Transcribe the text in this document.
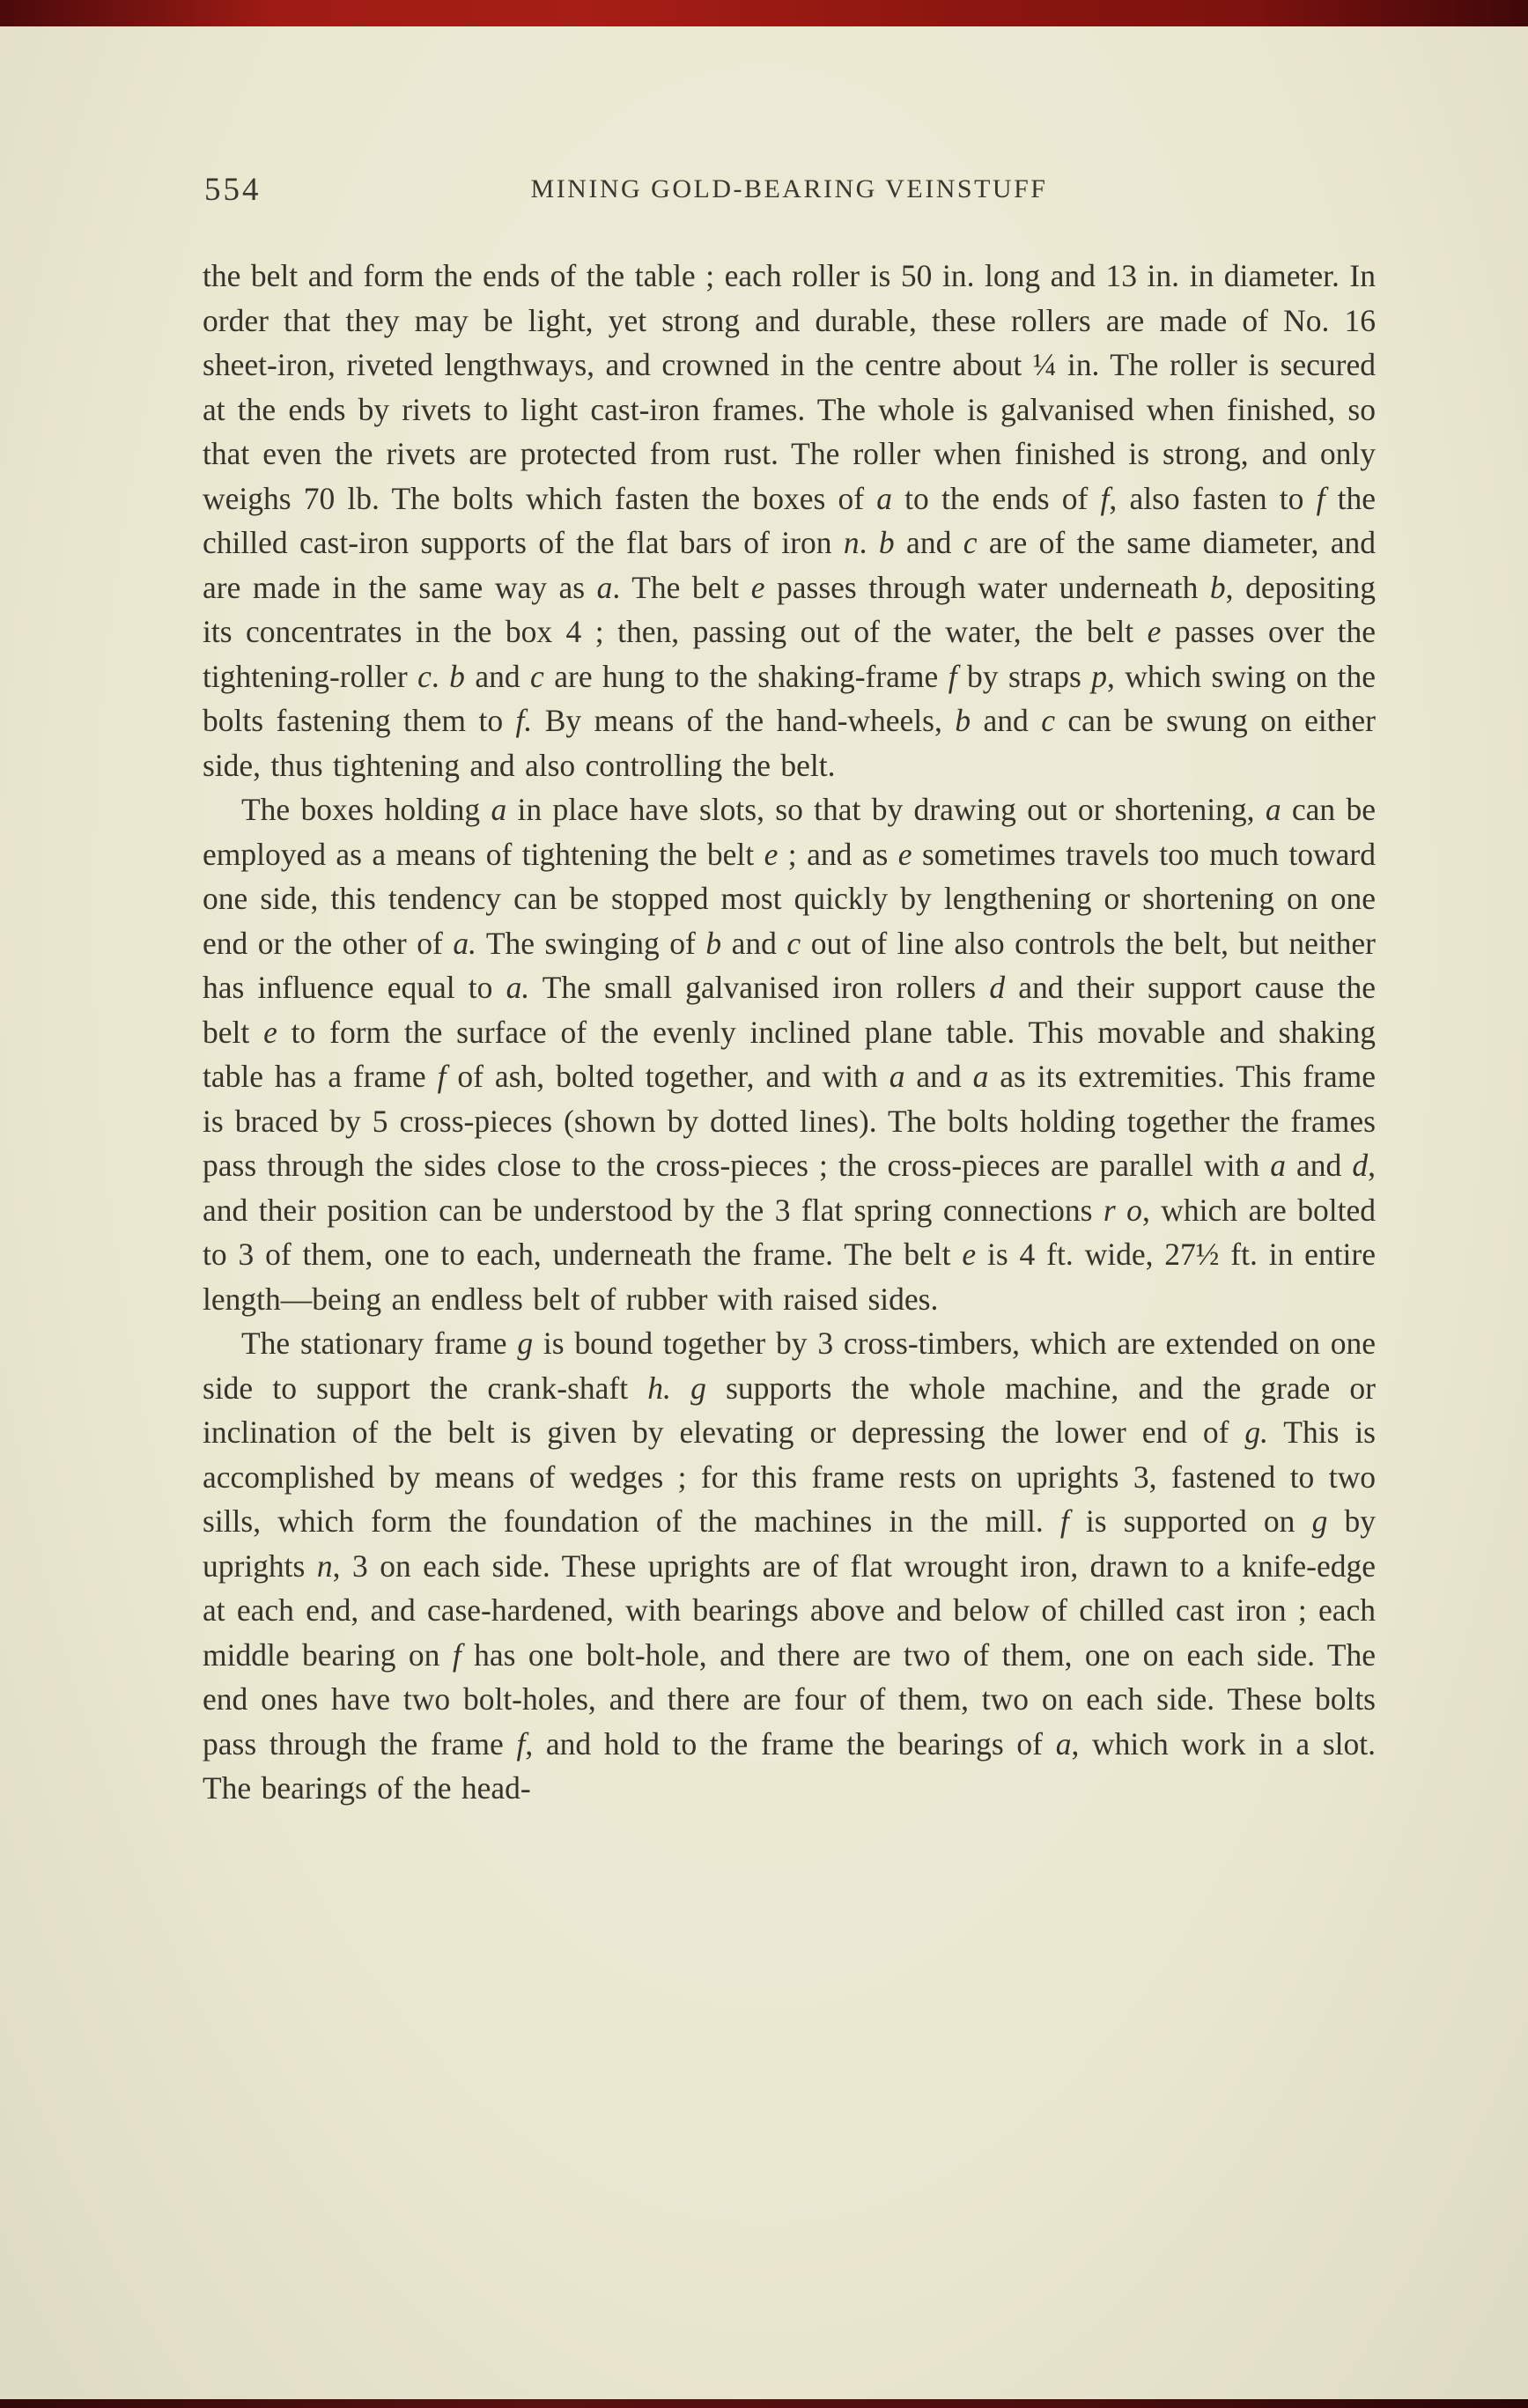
554	MINING GOLD-BEARING VEINSTUFF

the belt and form the ends of the table ; each roller is 50 in. long and 13 in. in diameter. In order that they may be light, yet strong and durable, these rollers are made of No. 16 sheet-iron, riveted lengthways, and crowned in the centre about ¼ in. The roller is secured at the ends by rivets to light cast-iron frames. The whole is galvanised when finished, so that even the rivets are protected from rust. The roller when finished is strong, and only weighs 70 lb. The bolts which fasten the boxes of a to the ends of f, also fasten to f the chilled cast-iron supports of the flat bars of iron n. b and c are of the same diameter, and are made in the same way as a. The belt e passes through water underneath b, depositing its concentrates in the box 4 ; then, passing out of the water, the belt e passes over the tightening-roller c. b and c are hung to the shaking-frame f by straps p, which swing on the bolts fastening them to f. By means of the hand-wheels, b and c can be swung on either side, thus tightening and also controlling the belt.

The boxes holding a in place have slots, so that by drawing out or shortening, a can be employed as a means of tightening the belt e ; and as e sometimes travels too much toward one side, this tendency can be stopped most quickly by lengthening or shortening on one end or the other of a. The swinging of b and c out of line also controls the belt, but neither has influence equal to a. The small galvanised iron rollers d and their support cause the belt e to form the surface of the evenly inclined plane table. This movable and shaking table has a frame f of ash, bolted together, and with a and a as its extremities. This frame is braced by 5 cross-pieces (shown by dotted lines). The bolts holding together the frames pass through the sides close to the cross-pieces ; the cross-pieces are parallel with a and d, and their position can be understood by the 3 flat spring connections r o, which are bolted to 3 of them, one to each, underneath the frame. The belt e is 4 ft. wide, 27½ ft. in entire length—being an endless belt of rubber with raised sides.

The stationary frame g is bound together by 3 cross-timbers, which are extended on one side to support the crank-shaft h. g supports the whole machine, and the grade or inclination of the belt is given by elevating or depressing the lower end of g. This is accomplished by means of wedges ; for this frame rests on uprights 3, fastened to two sills, which form the foundation of the machines in the mill. f is supported on g by uprights n, 3 on each side. These uprights are of flat wrought iron, drawn to a knife-edge at each end, and case-hardened, with bearings above and below of chilled cast iron ; each middle bearing on f has one bolt-hole, and there are two of them, one on each side. The end ones have two bolt-holes, and there are four of them, two on each side. These bolts pass through the frame f, and hold to the frame the bearings of a, which work in a slot. The bearings of the head-
